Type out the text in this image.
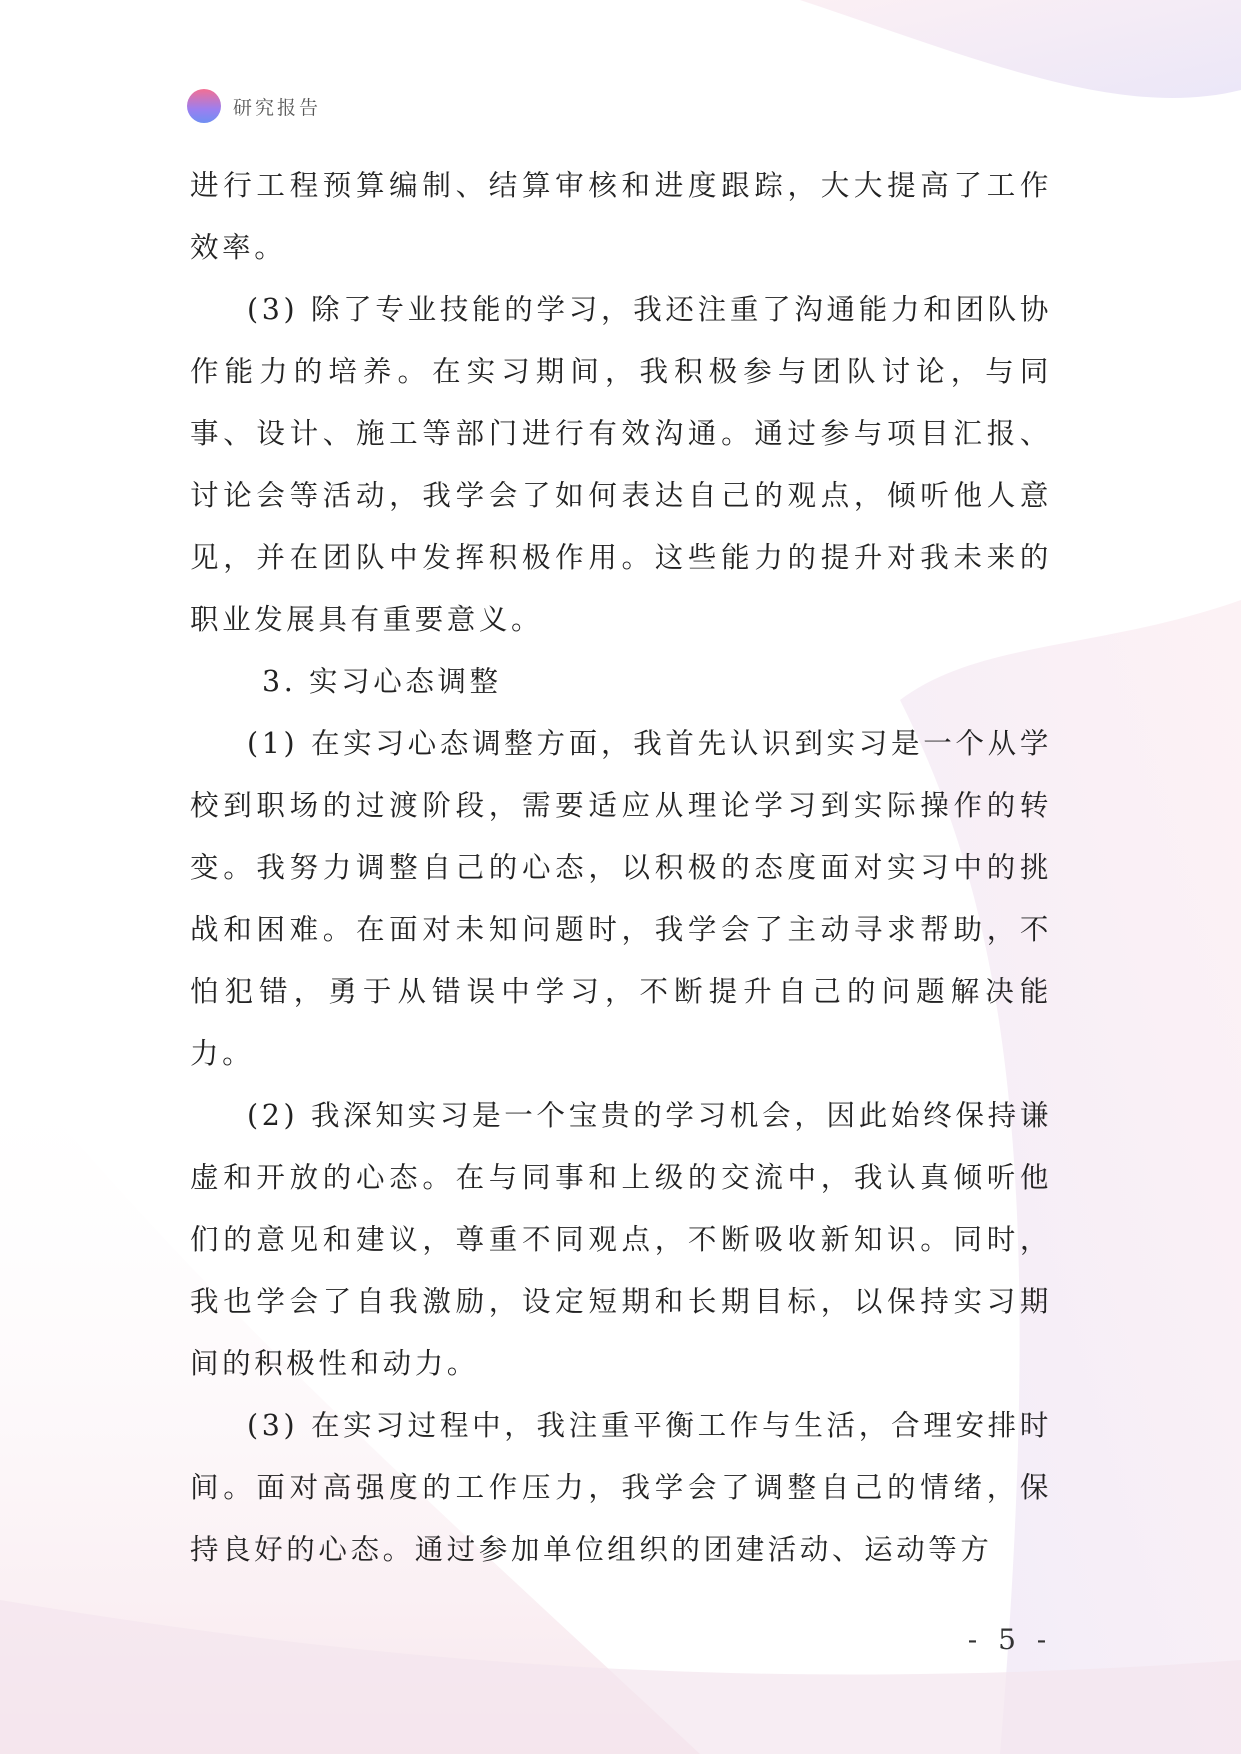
研究报告

进行工程预算编制、结算审核和进度跟踪，大大提高了工作效率。

(3) 除了专业技能的学习，我还注重了沟通能力和团队协作能力的培养。在实习期间，我积极参与团队讨论，与同事、设计、施工等部门进行有效沟通。通过参与项目汇报、讨论会等活动，我学会了如何表达自己的观点，倾听他人意见，并在团队中发挥积极作用。这些能力的提升对我未来的职业发展具有重要意义。

3. 实习心态调整

(1) 在实习心态调整方面，我首先认识到实习是一个从学校到职场的过渡阶段，需要适应从理论学习到实际操作的转变。我努力调整自己的心态，以积极的态度面对实习中的挑战和困难。在面对未知问题时，我学会了主动寻求帮助，不怕犯错，勇于从错误中学习，不断提升自己的问题解决能力。

(2) 我深知实习是一个宝贵的学习机会，因此始终保持谦虚和开放的心态。在与同事和上级的交流中，我认真倾听他们的意见和建议，尊重不同观点，不断吸收新知识。同时，我也学会了自我激励，设定短期和长期目标，以保持实习期间的积极性和动力。

(3) 在实习过程中，我注重平衡工作与生活，合理安排时间。面对高强度的工作压力，我学会了调整自己的情绪，保持良好的心态。通过参加单位组织的团建活动、运动等方

- 5 -
